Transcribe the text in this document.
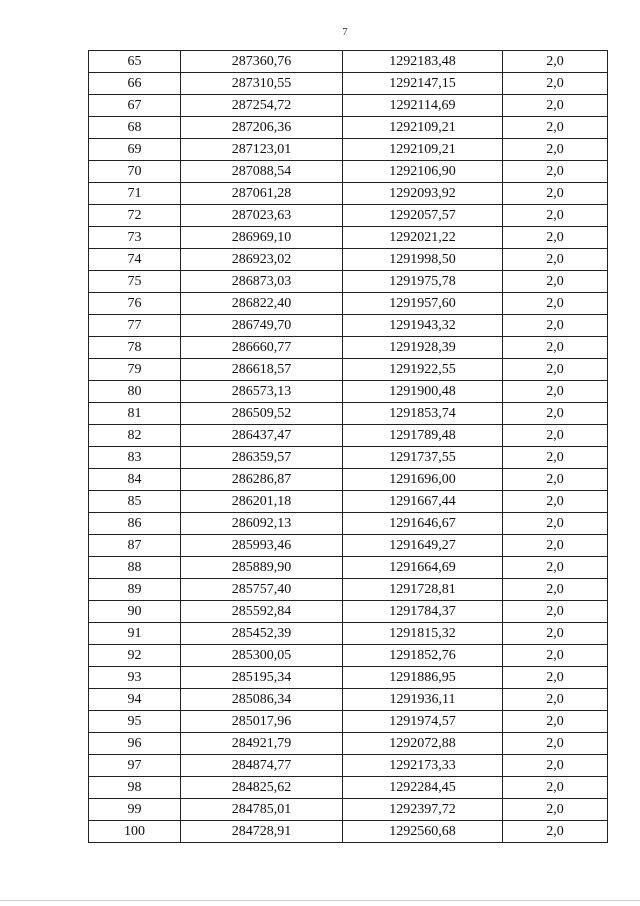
7
65	287360,76	1292183,48	2,0
66	287310,55	1292147,15	2,0
67	287254,72	1292114,69	2,0
68	287206,36	1292109,21	2,0
69	287123,01	1292109,21	2,0
70	287088,54	1292106,90	2,0
71	287061,28	1292093,92	2,0
72	287023,63	1292057,57	2,0
73	286969,10	1292021,22	2,0
74	286923,02	1291998,50	2,0
75	286873,03	1291975,78	2,0
76	286822,40	1291957,60	2,0
77	286749,70	1291943,32	2,0
78	286660,77	1291928,39	2,0
79	286618,57	1291922,55	2,0
80	286573,13	1291900,48	2,0
81	286509,52	1291853,74	2,0
82	286437,47	1291789,48	2,0
83	286359,57	1291737,55	2,0
84	286286,87	1291696,00	2,0
85	286201,18	1291667,44	2,0
86	286092,13	1291646,67	2,0
87	285993,46	1291649,27	2,0
88	285889,90	1291664,69	2,0
89	285757,40	1291728,81	2,0
90	285592,84	1291784,37	2,0
91	285452,39	1291815,32	2,0
92	285300,05	1291852,76	2,0
93	285195,34	1291886,95	2,0
94	285086,34	1291936,11	2,0
95	285017,96	1291974,57	2,0
96	284921,79	1292072,88	2,0
97	284874,77	1292173,33	2,0
98	284825,62	1292284,45	2,0
99	284785,01	1292397,72	2,0
100	284728,91	1292560,68	2,0
